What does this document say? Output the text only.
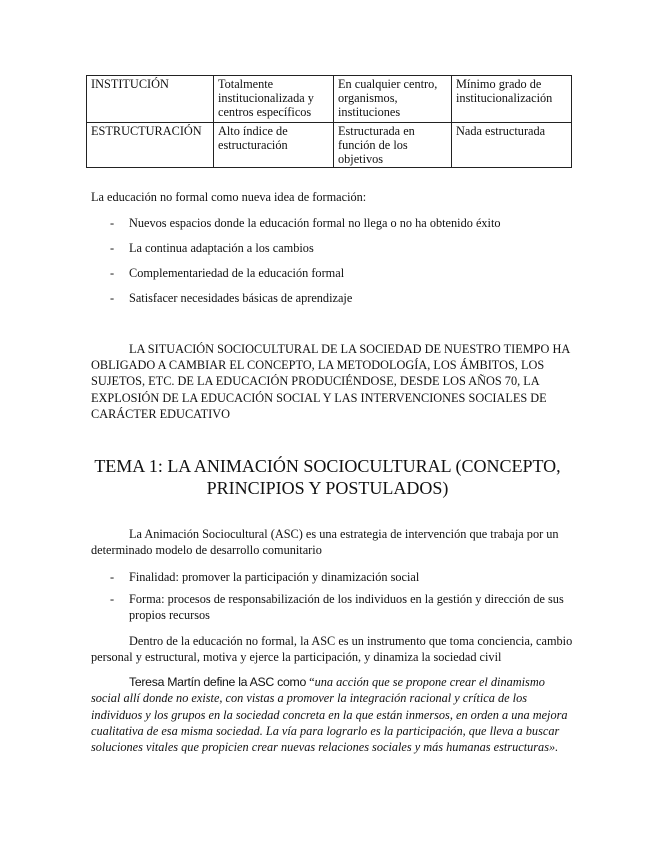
INSTITUCIÓN	Totalmente institucionalizada y centros específicos	En cualquier centro, organismos, instituciones	Mínimo grado de institucionalización
ESTRUCTURACIÓN	Alto índice de estructuración	Estructurada en función de los objetivos	Nada estructurada

La educación no formal como nueva idea de formación:

- Nuevos espacios donde la educación formal no llega o no ha obtenido éxito
- La continua adaptación a los cambios
- Complementariedad de la educación formal
- Satisfacer necesidades básicas de aprendizaje

LA SITUACIÓN SOCIOCULTURAL DE LA SOCIEDAD DE NUESTRO TIEMPO HA OBLIGADO A CAMBIAR EL CONCEPTO, LA METODOLOGÍA, LOS ÁMBITOS, LOS SUJETOS, ETC. DE LA EDUCACIÓN PRODUCIÉNDOSE, DESDE LOS AÑOS 70, LA EXPLOSIÓN DE LA EDUCACIÓN SOCIAL Y LAS INTERVENCIONES SOCIALES DE CARÁCTER EDUCATIVO

TEMA 1: LA ANIMACIÓN SOCIOCULTURAL (CONCEPTO, PRINCIPIOS Y POSTULADOS)

La Animación Sociocultural (ASC) es una estrategia de intervención que trabaja por un determinado modelo de desarrollo comunitario

- Finalidad: promover la participación y dinamización social
- Forma: procesos de responsabilización de los individuos en la gestión y dirección de sus propios recursos

Dentro de la educación no formal, la ASC es un instrumento que toma conciencia, cambio personal y estructural, motiva y ejerce la participación, y dinamiza la sociedad civil

Teresa Martín define la ASC como “una acción que se propone crear el dinamismo social allí donde no existe, con vistas a promover la integración racional y crítica de los individuos y los grupos en la sociedad concreta en la que están inmersos, en orden a una mejora cualitativa de esa misma sociedad. La vía para lograrlo es la participación, que lleva a buscar soluciones vitales que propicien crear nuevas relaciones sociales y más humanas estructuras».
